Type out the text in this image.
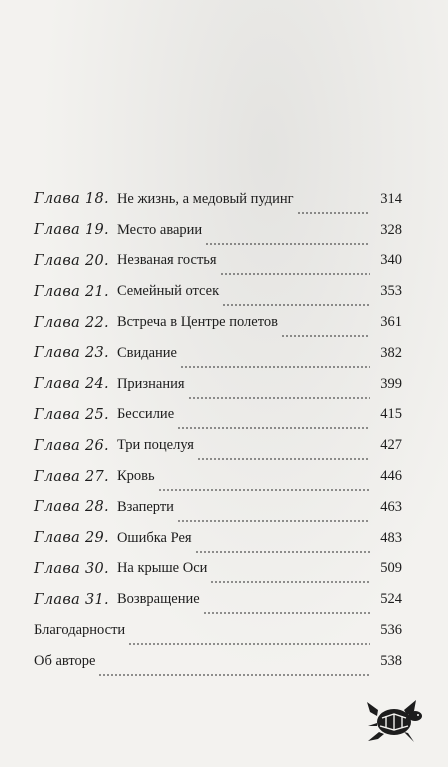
Глава 18. Не жизнь, а медовый пудинг	314
Глава 19. Место аварии	328
Глава 20. Незваная гостья	340
Глава 21. Семейный отсек	353
Глава 22. Встреча в Центре полетов	361
Глава 23. Свидание	382
Глава 24. Признания	399
Глава 25. Бессилие	415
Глава 26. Три поцелуя	427
Глава 27. Кровь	446
Глава 28. Взаперти	463
Глава 29. Ошибка Рея	483
Глава 30. На крыше Оси	509
Глава 31. Возвращение	524
Благодарности	536
Об авторе	538
